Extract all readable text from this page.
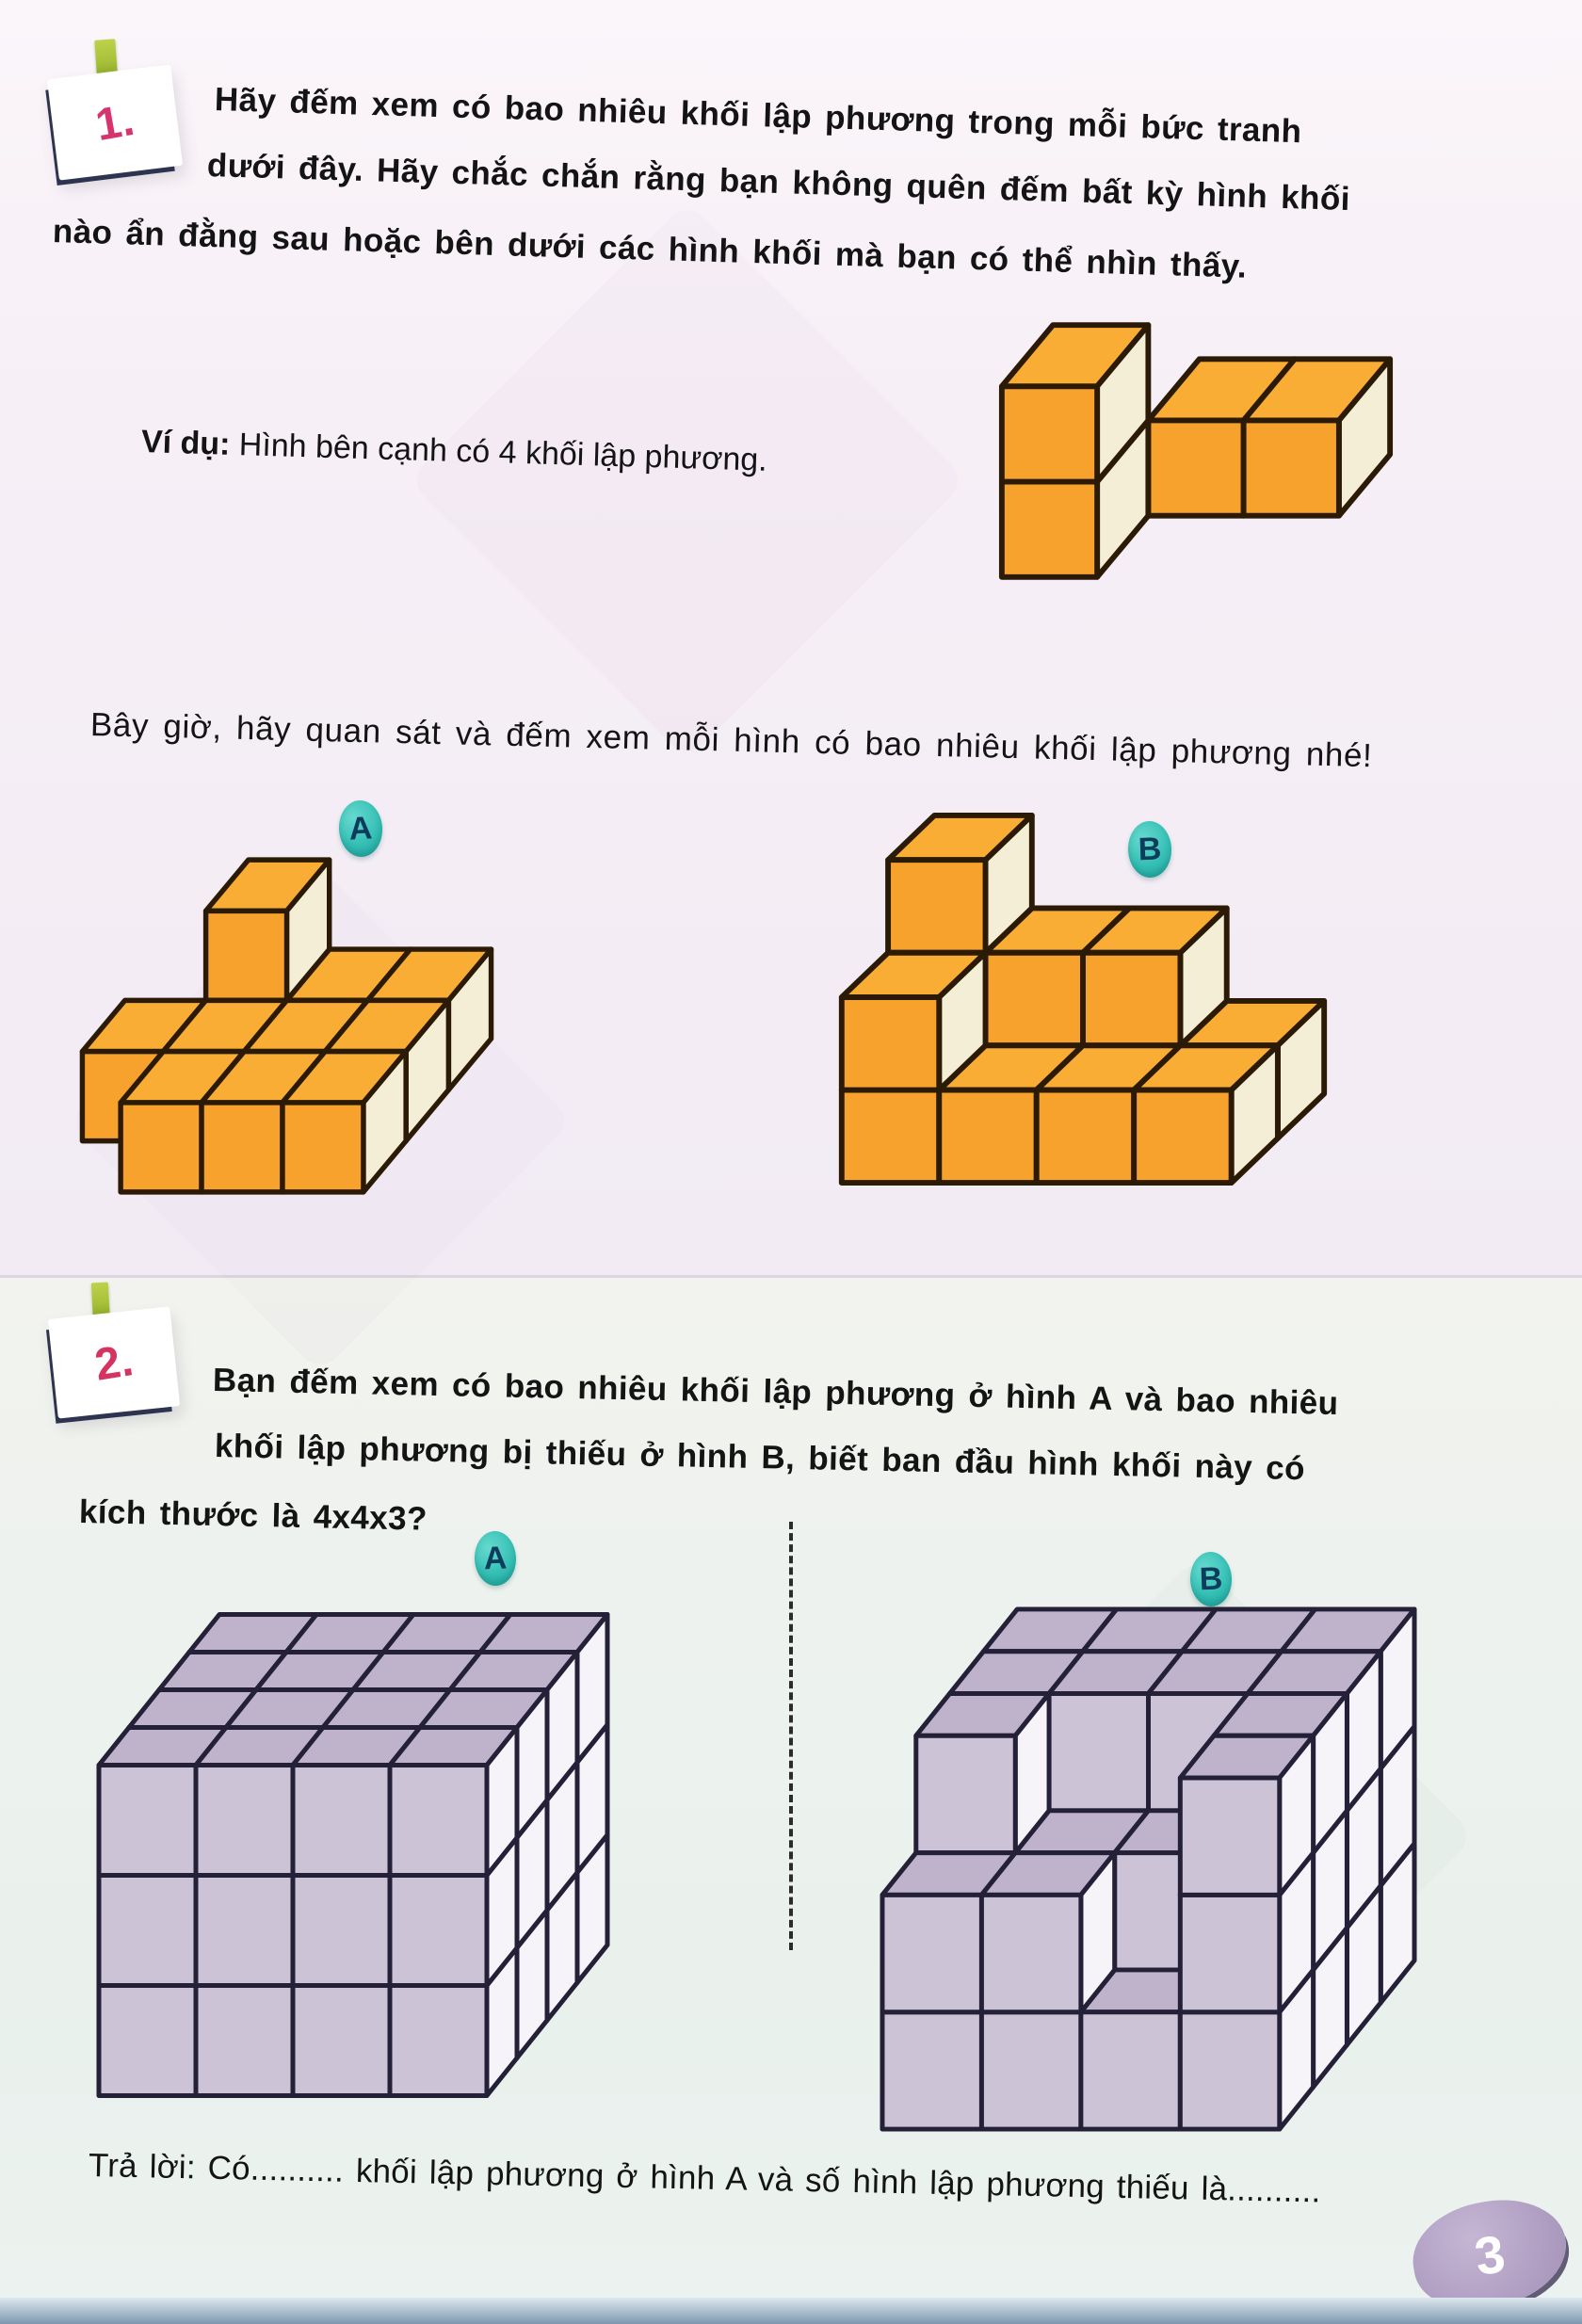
1. Hãy đếm xem có bao nhiêu khối lập phương trong mỗi bức tranh
dưới đây. Hãy chắc chắn rằng bạn không quên đếm bất kỳ hình khối
nào ẩn đằng sau hoặc bên dưới các hình khối mà bạn có thể nhìn thấy.
Ví dụ: Hình bên cạnh có 4 khối lập phương.
Bây giờ, hãy quan sát và đếm xem mỗi hình có bao nhiêu khối lập phương nhé!
A
B
2. Bạn đếm xem có bao nhiêu khối lập phương ở hình A và bao nhiêu
khối lập phương bị thiếu ở hình B, biết ban đầu hình khối này có
kích thước là 4x4x3?
A
B
Trả lời: Có.......... khối lập phương ở hình A và số hình lập phương thiếu là..........
3
